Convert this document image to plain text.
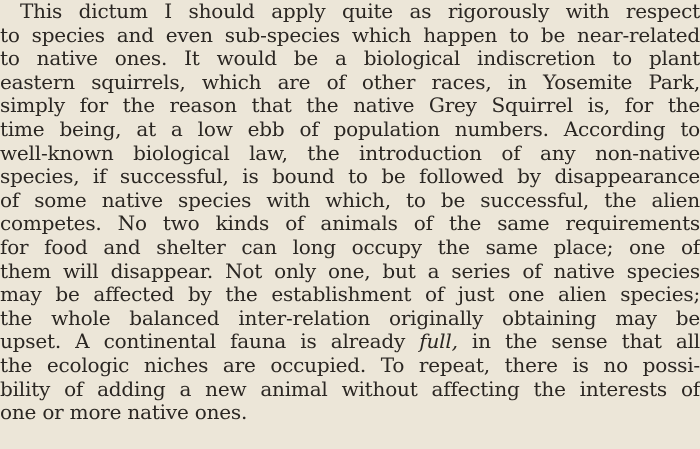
This dictum I should apply quite as rigorously with respect
to species and even sub-species which happen to be near-related
to native ones. It would be a biological indiscretion to plant
eastern squirrels, which are of other races, in Yosemite Park,
simply for the reason that the native Grey Squirrel is, for the
time being, at a low ebb of population numbers. According to
well-known biological law, the introduction of any non-native
species, if successful, is bound to be followed by disappearance
of some native species with which, to be successful, the alien
competes. No two kinds of animals of the same requirements
for food and shelter can long occupy the same place; one of
them will disappear. Not only one, but a series of native species
may be affected by the establishment of just one alien species;
the whole balanced inter-relation originally obtaining may be
upset. A continental fauna is already full, in the sense that all
the ecologic niches are occupied. To repeat, there is no possi-
bility of adding a new animal without affecting the interests of
one or more native ones.
